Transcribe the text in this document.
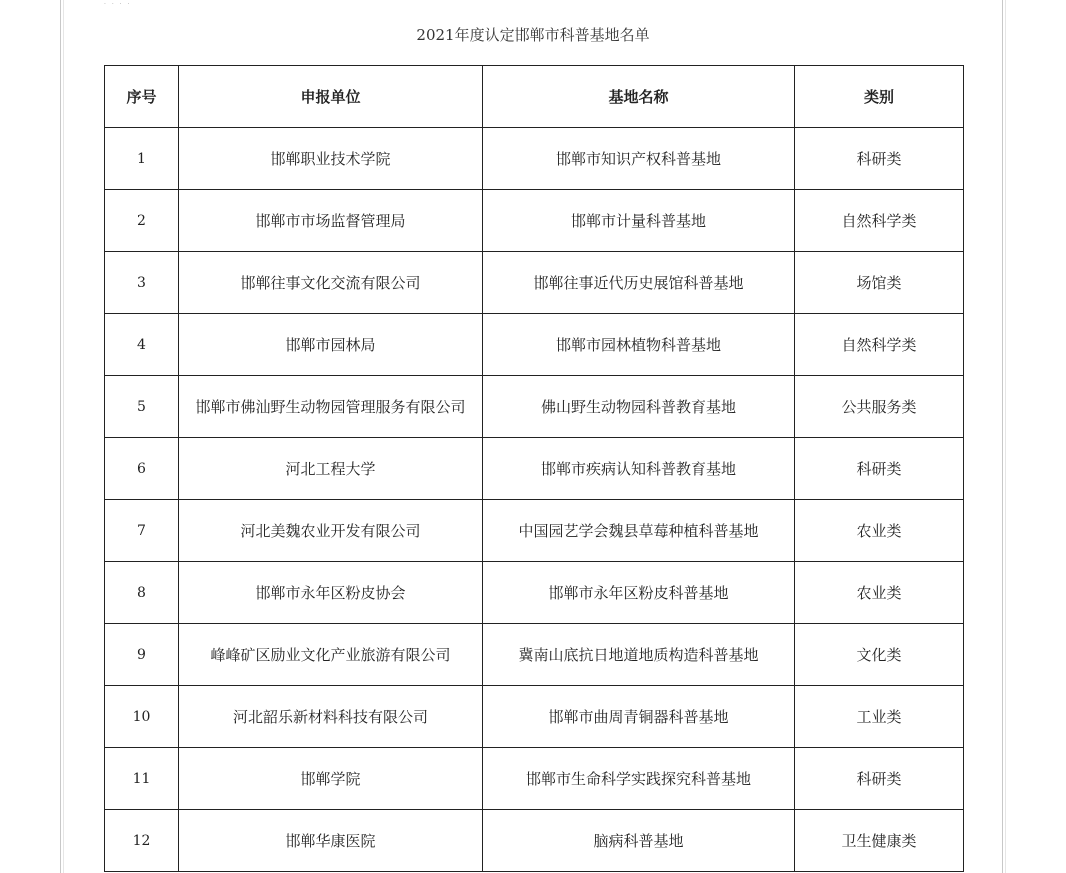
. . . .
2021年度认定邯郸市科普基地名单
序号	申报单位	基地名称	类别
1	邯郸职业技术学院	邯郸市知识产权科普基地	科研类
2	邯郸市市场监督管理局	邯郸市计量科普基地	自然科学类
3	邯郸往事文化交流有限公司	邯郸往事近代历史展馆科普基地	场馆类
4	邯郸市园林局	邯郸市园林植物科普基地	自然科学类
5	邯郸市佛汕野生动物园管理服务有限公司	佛山野生动物园科普教育基地	公共服务类
6	河北工程大学	邯郸市疾病认知科普教育基地	科研类
7	河北美魏农业开发有限公司	中国园艺学会魏县草莓种植科普基地	农业类
8	邯郸市永年区粉皮协会	邯郸市永年区粉皮科普基地	农业类
9	峰峰矿区励业文化产业旅游有限公司	冀南山底抗日地道地质构造科普基地	文化类
10	河北韶乐新材料科技有限公司	邯郸市曲周青铜器科普基地	工业类
11	邯郸学院	邯郸市生命科学实践探究科普基地	科研类
12	邯郸华康医院	脑病科普基地	卫生健康类
